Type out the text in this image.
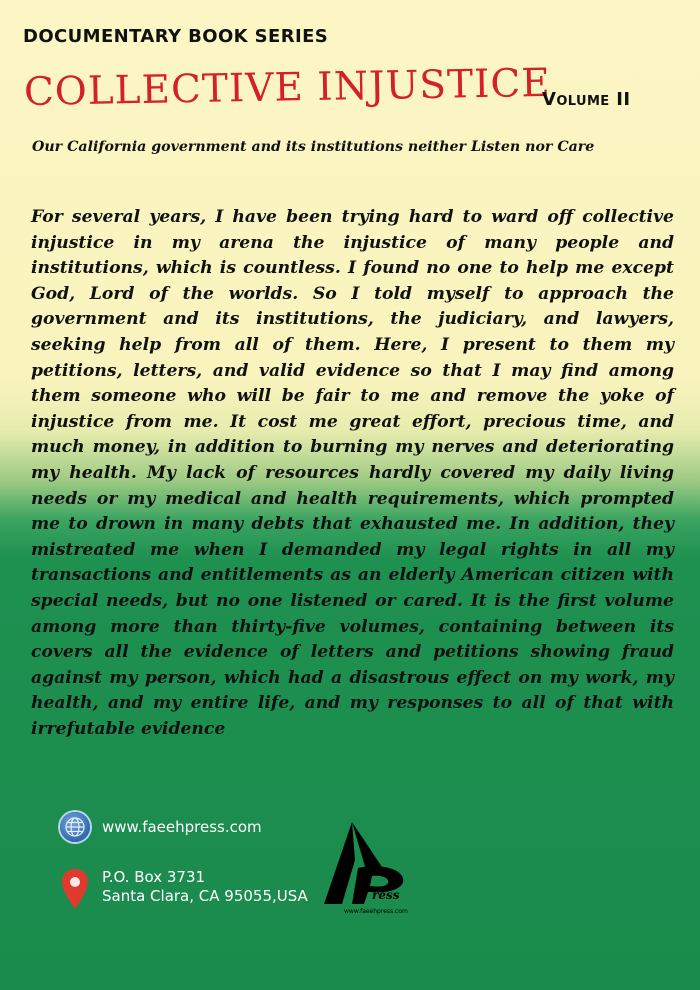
DOCUMENTARY BOOK SERIES
COLLECTIVE INJUSTICE
Volume II
Our California government and its institutions neither Listen nor Care
For several years, I have been trying hard to ward off collective injustice in my arena the injustice of many people and institutions, which is countless. I found no one to help me except God, Lord of the worlds. So I told myself to approach the government and its institutions, the judiciary, and lawyers, seeking help from all of them. Here, I present to them my petitions, letters, and valid evidence so that I may find among them someone who will be fair to me and remove the yoke of injustice from me. It cost me great effort, precious time, and much money, in addition to burning my nerves and deteriorating my health. My lack of resources hardly covered my daily living needs or my medical and health requirements, which prompted me to drown in many debts that exhausted me. In addition, they mistreated me when I demanded my legal rights in all my transactions and entitlements as an elderly American citizen with special needs, but no one listened or cared. It is the first volume among more than thirty-five volumes, containing between its covers all the evidence of letters and petitions showing fraud against my person, which had a disastrous effect on my work, my health, and my entire life, and my responses to all of that with irrefutable evidence
www.faeehpress.com
P.O. Box 3731
Santa Clara, CA 95055,USA	ress
www.faeehpress.com
